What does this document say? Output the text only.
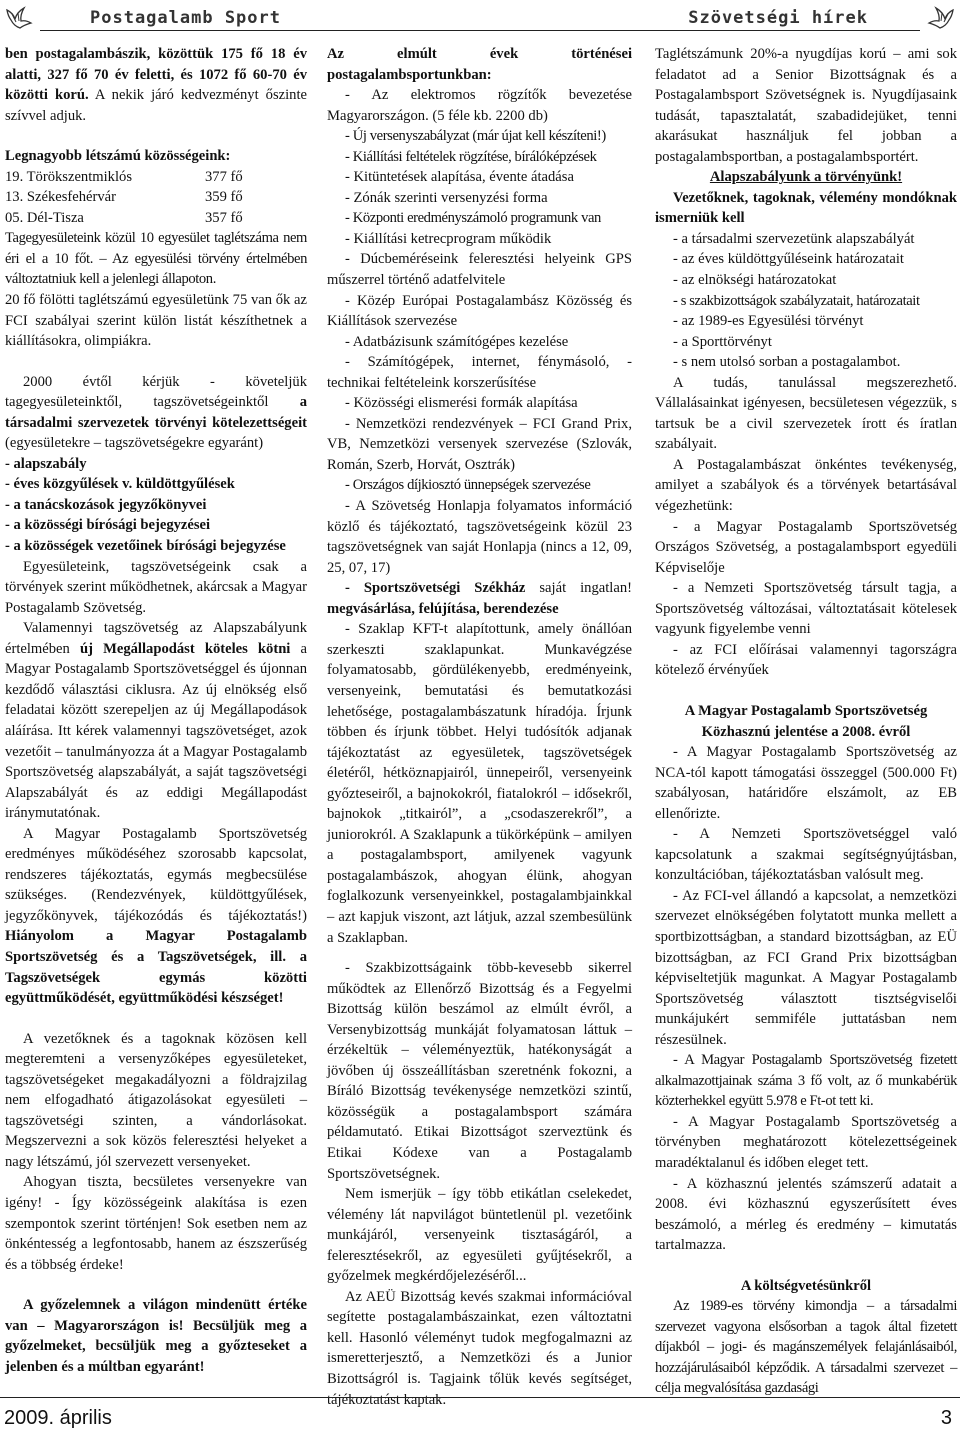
Postagalamb Sport	Szövetségi hírek

ben postagalambászik, közöttük 175 fő 18 év alatti, 327 fő 70 év feletti, és 1072 fő 60-70 év közötti korú. A nekik járó kedvezményt őszinte szívvel adjuk.

Legnagyobb létszámú közösségeink:

19. Törökszentmiklós	377 fő
13. Székesfehérvár	359 fő
05. Dél-Tisza	357 fő

Tagegyesületeink közül 10 egyesület taglétszáma nem éri el a 10 főt. – Az egyesülési törvény értelmében változtatniuk kell a jelenlegi állapoton.

20 fő fölötti taglétszámú egyesületünk 75 van ők az FCI szabályai szerint külön listát készíthetnek a kiállításokra, olimpiákra.

2000 évtől kérjük - követeljük tagegyesületeinktől, tagszövetségeinktől a társadalmi szervezetek törvényi kötelezettségeit (egyesületekre – tagszövetségekre egyaránt)

- alapszabály

- éves közgyűlések v. küldöttgyűlések

- a tanácskozások jegyzőkönyvei

- a közösségi bírósági bejegyzései

- a közösségek vezetőinek bírósági bejegyzése

Egyesületeink, tagszövetségeink csak a törvények szerint működhetnek, akárcsak a Magyar Postagalamb Szövetség.

Valamennyi tagszövetség az Alapszabályunk értelmében új Megállapodást köteles kötni a Magyar Postagalamb Sportszövetséggel és újonnan kezdődő választási ciklusra. Az új elnökség első feladatai között szerepeljen az új Megállapodások aláírása. Itt kérek valamennyi tagszövetséget, azok vezetőit – tanulmányozza át a Magyar Postagalamb Sportszövetség alapszabályát, a saját tagszövetségi Alapszabályát és az eddigi Megállapodást iránymutatónak.

A Magyar Postagalamb Sportszövetség eredményes működéséhez szorosabb kapcsolat, rendszeres tájékoztatás, egymás megbecsülése szükséges. (Rendezvények, küldöttgyűlések, jegyzőkönyvek, tájékozódás és tájékoztatás!) Hiányolom a Magyar Postagalamb Sportszövetség és a Tagszövetségek, ill. a Tagszövetségek egymás közötti együttműködését, együttműködési készséget!

A vezetőknek és a tagoknak közösen kell megteremteni a versenyzőképes egyesületeket, tagszövetségeket megakadályozni a földrajzilag nem elfogadható átigazolásokat egyesületi – tagszövetségi szinten, a vándorlásokat. Megszervezni a sok közös feleresztési helyeket a nagy létszámú, jól szervezett versenyeket.

Ahogyan tiszta, becsületes versenyekre van igény! - Így közösségeink alakítása is ezen szempontok szerint történjen! Sok esetben nem az önkéntesség a legfontosabb, hanem az észszerűség és a többség érdeke!

A győzelemnek a világon mindenütt értéke van – Magyarországon is! Becsüljük meg a győzelmeket, becsüljük meg a győzteseket a jelenben és a múltban egyaránt!

Az elmúlt évek történései postagalambsportunkban:

- Az elektromos rögzítők bevezetése Magyarországon. (5 féle kb. 2200 db)

- Új versenyszabályzat (már újat kell készíteni!)

- Kiállítási feltételek rögzítése, bírálóképzések

- Kitüntetések alapítása, évente átadása

- Zónák szerinti versenyzési forma

- Központi eredményszámoló programunk van

- Kiállítási ketrecprogram működik

- Dúcbeméréseink feleresztési helyeink GPS műszerrel történő adatfelvitele

- Közép Európai Postagalambász Közösség és Kiállítások szervezése

- Adatbázisunk számítógépes kezelése

- Számítógépek, internet, fénymásoló, - technikai feltételeink korszerűsítése

- Közösségi elismerési formák alapítása

- Nemzetközi rendezvények – FCI Grand Prix, VB, Nemzetközi versenyek szervezése (Szlovák, Román, Szerb, Horvát, Osztrák)

- Országos díjkiosztó ünnepségek szervezése

- A Szövetség Honlapja folyamatos információ közlő és tájékoztató, tagszövetségeink közül 23 tagszövetségnek van saját Honlapja (nincs a 12, 09, 25, 07, 17)

- Sportszövetségi Székház saját ingatlan! megvásárlása, felújítása, berendezése

- Szaklap KFT-t alapítottunk, amely önállóan szerkeszti szaklapunkat. Munkavégzése folyamatosabb, gördülékenyebb, eredményeink, versenyeink, bemutatási és bemutatkozási lehetősége, postagalambászatunk híradója. Írjunk többen és írjunk többet. Helyi tudósítók adjanak tájékoztatást az egyesületek, tagszövetségek életéről, hétköznapjairól, ünnepeiről, versenyeink győzteseiről, a bajnokokról, fiatalokról – idősekről, bajnokok „titkairól”, a „csodaszerekről”, a juniorokról. A Szaklapunk a tükörképünk – amilyen a postagalambsport, amilyenek vagyunk postagalambászok, ahogyan élünk, ahogyan foglalkozunk versenyeinkkel, postagalambjainkkal – azt kapjuk viszont, azt látjuk, azzal szembesülünk a Szaklapban.

- Szakbizottságaink több-kevesebb sikerrel működtek az Ellenőrző Bizottság és a Fegyelmi Bizottság külön beszámol az elmúlt évről, a Versenybizottság munkáját folyamatosan láttuk – érzékeltük – véleményeztük, hatékonyságát a jövőben új összeállításban szeretnénk fokozni, a Bíráló Bizottság tevékenysége nemzetközi szintű, közösségük a postagalambsport számára példamutató. Etikai Bizottságot szerveztünk és Etikai Kódexe van a Postagalamb Sportszövetségnek.

Nem ismerjük – így több etikátlan cselekedet, vélemény lát napvilágot büntetlenül pl. vezetőink munkájáról, versenyeink tisztaságáról, a feleresztésekről, az egyesületi gyűjtésekről, a győzelmek megkérdőjelezéséről...

Az AEÜ Bizottság kevés szakmai információval segítette postagalambászainkat, ezen változtatni kell. Hasonló véleményt tudok megfogalmazni az ismeretterjesztő, a Nemzetközi és a Junior Bizottságról is. Tagjaink tőlük kevés segítséget, tájékoztatást kaptak.

Taglétszámunk 20%-a nyugdíjas korú – ami sok feladatot ad a Senior Bizottságnak és a Postagalambsport Szövetségnek is. Nyugdíjasaink tudását, tapasztalatát, szabadidejüket, tenni akarásukat használjuk fel jobban a postagalambsportban, a postagalambsportért.

Alapszabályunk a törvényünk!

Vezetőknek, tagoknak, vélemény mondóknak ismerniük kell

- a társadalmi szervezetünk alapszabályát

- az éves küldöttgyűléseink határozatait

- az elnökségi határozatokat

- s szakbizottságok szabályzatait, határozatait

- az 1989-es Egyesülési törvényt

- a Sporttörvényt

- s nem utolsó sorban a postagalambot.

A tudás, tanulással megszerezhető. Vállalásainkat igényesen, becsületesen végezzük, s tartsuk be a civil szervezetek írott és íratlan szabályait.

A Postagalambászat önkéntes tevékenység, amilyet a szabályok és a törvények betartásával végezhetünk:

- a Magyar Postagalamb Sportszövetség Országos Szövetség, a postagalambsport egyedüli Képviselője

- a Nemzeti Sportszövetség társult tagja, a Sportszövetség változásai, változtatásait kötelesek vagyunk figyelembe venni

- az FCI előírásai valamennyi tagországra kötelező érvényűek

A Magyar Postagalamb Sportszövetség Közhasznú jelentése a 2008. évről

- A Magyar Postagalamb Sportszövetség az NCA-tól kapott támogatási összeggel (500.000 Ft) szabályosan, határidőre elszámolt, az EB ellenőrizte.

- A Nemzeti Sportszövetséggel való kapcsolatunk a szakmai segítségnyújtásban, konzultációban, tájékoztatásban valósult meg.

- Az FCI-vel állandó a kapcsolat, a nemzetközi szervezet elnökségében folytatott munka mellett a sportbizottságban, a standard bizottságban, az EÜ bizottságban, az FCI Grand Prix bizottságban képviseltetjük magunkat. A Magyar Postagalamb Sportszövetség választott tisztségviselői munkájukért semmiféle juttatásban nem részesülnek.

- A Magyar Postagalamb Sportszövetség fizetett alkalmazottjainak száma 3 fő volt, az ő munkabérük közterhekkel együtt 5.978 e Ft-ot tett ki.

- A Magyar Postagalamb Sportszövetség a törvényben meghatározott kötelezettségeinek maradéktalanul és időben eleget tett.

- A közhasznú jelentés számszerű adatait a 2008. évi közhasznú egyszerűsített éves beszámoló, a mérleg és eredmény – kimutatás tartalmazza.

A költségvetésünkről

Az 1989-es törvény kimondja – a társadalmi szervezet vagyona elsősorban a tagok által fizetett díjakból – jogi- és magánszemélyek felajánlásaiból, hozzájárulásaiból képződik. A társadalmi szervezet – célja megvalósítása gazdasági

2009. április	3
